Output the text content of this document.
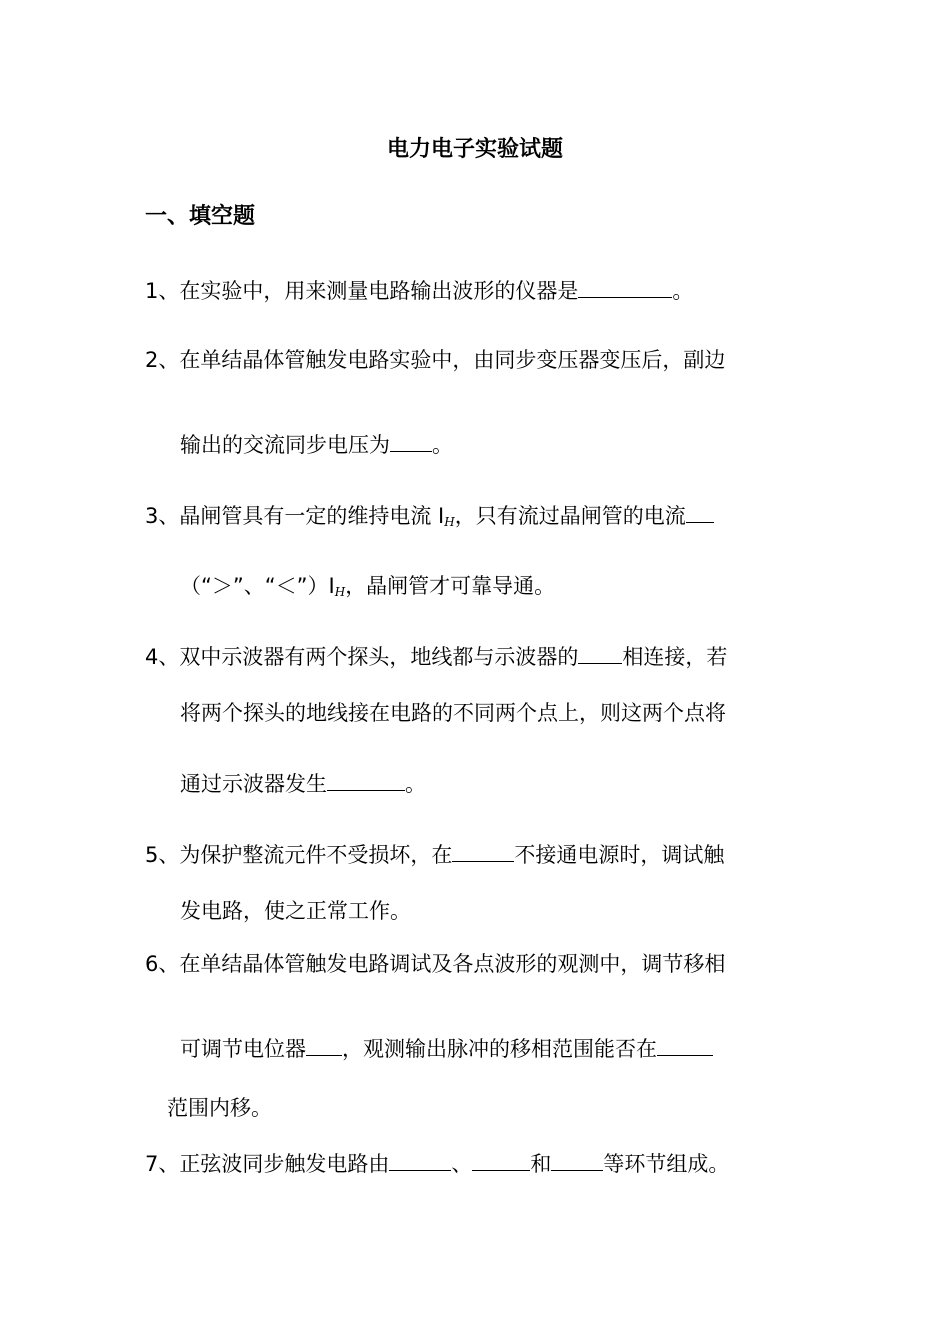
电力电子实验试题
一、填空题
1、在实验中，用来测量电路输出波形的仪器是	。
2、在单结晶体管触发电路实验中，由同步变压器变压后，副边
输出的交流同步电压为 。
3、晶闸管具有一定的维持电流 $I_H$，只有流过晶闸管的电流
（“＞”、“$<”)I_H$，晶闸管才可靠导通。
4、双中示波器有两个探头，地线都与示波器的 相连接，若
将两个探头的地线接在电路的不同两个点上，则这两个点将
通过示波器发生	。
5、为保护整流元件不受损坏，在	不接通电源时，调试触
发电路，使之正常工作。
6、在单结晶体管触发电路调试及各点波形的观测中，调节移相
可调节电位器 ，观测输出脉冲的移相范围能否在
范围内移。
7、正弦波同步触发电路由	、	和 等环节组成。
